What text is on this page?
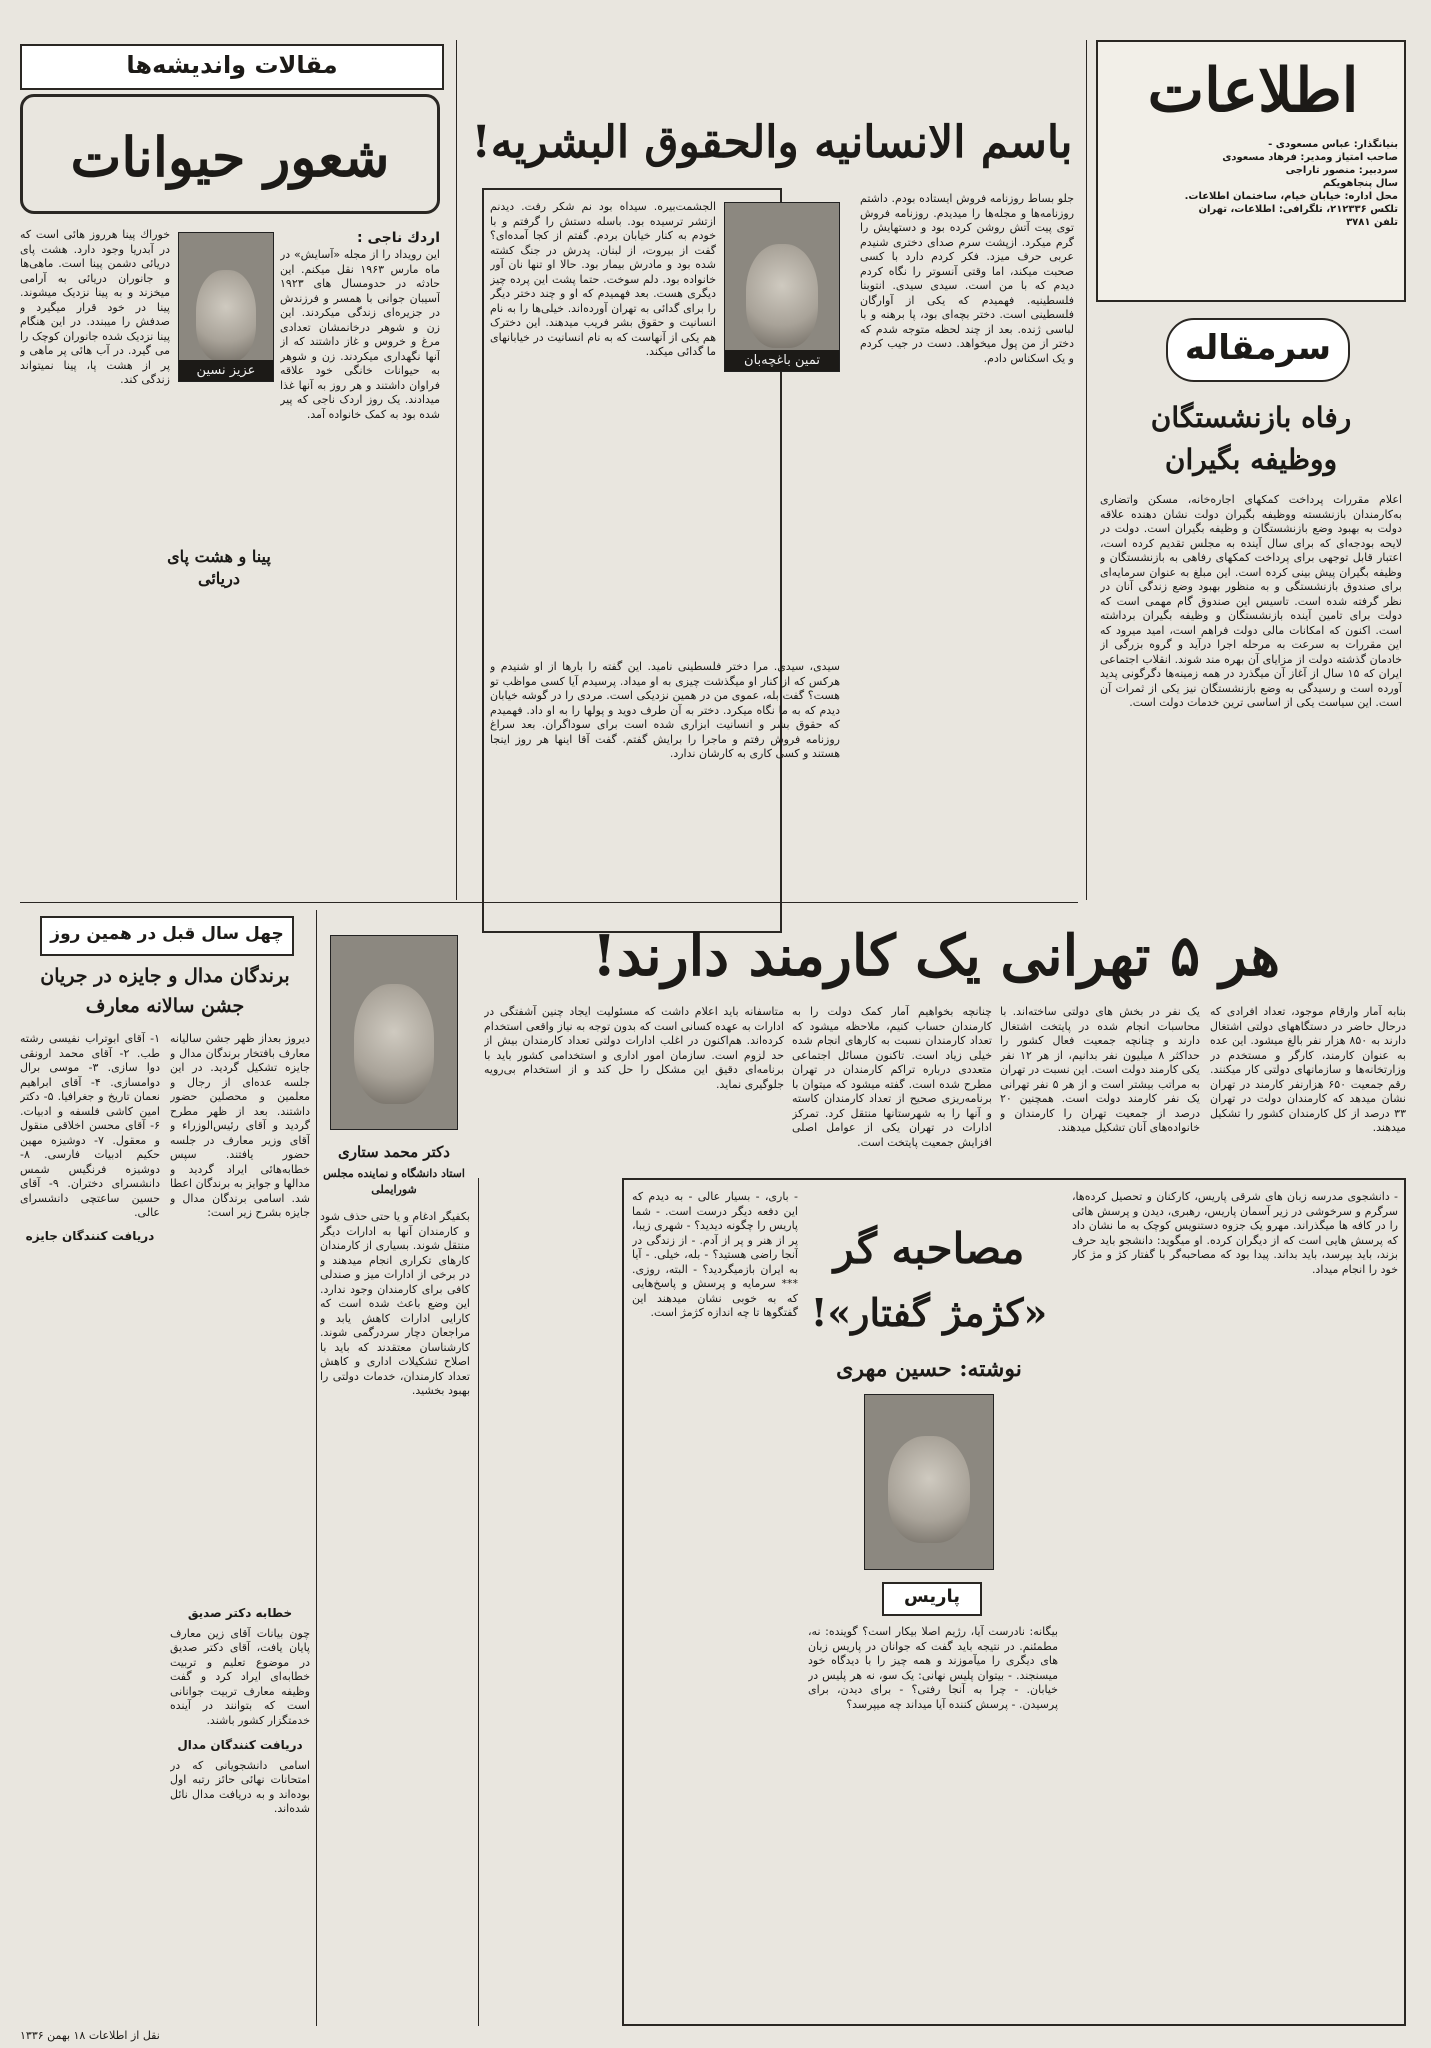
اطلاعات
بنیانگذار: عباس مسعودی -
صاحب امتیاز ومدیر: فرهاد مسعودی
سردبیر: منصور تاراجی
سال پنجاهویکم
محل اداره: خیابان خیام، ساختمان اطلاعات.
تلکس ۲۱۲۳۳۶، تلگرافی: اطلاعات، تهران
تلفن ۳۷۸۱
سرمقاله
رفاه بازنشستگان
ووظیفه بگیران
اعلام مقررات پرداخت کمکهای اجاره‌خانه، مسکن واتضاری به‌کارمندان بازنشسته ووظیفه بگیران دولت نشان دهنده ‌علاقه دولت به بهبود وضع بازنشستگان و وظیفه بگیران است. دولت در لایحه بودجه‌ای که‌ برای سال آینده ‌به ‌مجلس تقدیم کرده‌ است، اعتبار قابل توجهی برای پرداخت کمکهای رفاهی به بازنشستگان و وظیفه بگیران پیش بینی کرده است. این مبلغ به عنوان سرمایه‌ای برای صندوق بازنشستگی و به ‌منظور بهبود وضع زندگی آنان در نظر گرفته شده ‌است. تاسیس این صندوق گام مهمی است که ‌دولت برای تامین آینده‌ بازنشستگان و وظیفه بگیران برداشته است. اکنون که امکانات مالی ‌دولت ‌فراهم ‌است، امید میرود که این مقررات به سرعت به ‌مرحله‌ اجرا درآید و گروه بزرگی از خادمان گذشته دولت ‌از مزایای آن بهره مند شوند. انقلاب اجتماعی ایران که ‌۱۵ سال ‌از آغاز آن میگذرد ‌در همه زمینه‌ها دگرگونی پدید آورده ‌است و رسیدگی ‌به ‌وضع بازنشستگان نیز ‌یکی ‌از ثمرات ‌آن ‌است. این سیاست یکی از اساسی ترین خدمات دولت است.
مقالات واندیشه‌ها
شعور حیوانات
اردك ناجی :
این رویداد را از مجله «آسایش» در ماه مارس ۱۹۶۳ نقل میکنم. این حادثه در حدومسال های ۱۹۲۳ آسیبان جوانی با همسر و فرزندش در جزیره‌ای زندگی میکردند. این زن و شوهر درخانمشان تعدادی مرغ و خروس و غاز داشتند که از آنها نگهداری میکردند. زن و شوهر به حیوانات خانگی خود علاقه فراوان داشتند و هر روز به آنها غذا میدادند. یک روز اردک ناجی که پیر شده بود به کمک خانواده آمد.
عزیز نسین
پینا و هشت پای دریائی
خوراك پینا هرروز هائی است که در آبدریا وجود دارد. هشت پای دریائی دشمن پینا است. ماهی‌ها و جانوران دریائی به آرامی میخزند و به پینا نزدیک میشوند. پینا در خود قرار میگیرد و صدفش را میبندد. در این هنگام پینا نزدیک شده جانوران کوچک را می گیرد. در آب هائی پر ماهی ‌و پر از هشت پا، پینا نمیتواند زندگی کند.
باسم الانسانیه والحقوق البشریه!
تمین باغچه‌بان
جلو بساط روزنامه فروش ایستاده بودم. داشتم روزنامه‌ها و مجله‌ها را میدیدم. روزنامه فروش توی پیت آتش روشن کرده بود و دستهایش را گرم میکرد. ازپشت سرم صدای دختری شنیدم عربی حرف میزد. فکر کردم دارد با کسی صحبت میکند، اما وقتی آنسوتر را نگاه کردم دیدم که با من است. سیدی سیدی. انتوبنا فلسطینیه. فهمیدم که یکی از آوارگان فلسطینی است. دختر بچه‌ای بود، پا برهنه و با لباسی ژنده. بعد از چند لحظه متوجه شدم که دختر از من پول میخواهد. دست در جیب کردم و یک اسکناس دادم.
الجشمت‌بیره. سیداه بود نم شکر رفت. دیدنم ازتشر ترسیده بود. باسله دستش را گرفتم و با خودم به کنار خیابان بردم. گفتم از کجا آمده‌ای؟ گفت از بیروت، از لبنان. پدرش در جنگ کشته شده بود و مادرش بیمار بود. حالا او تنها نان آور خانواده بود. دلم سوخت. حتما پشت این پرده چیز دیگری هست. بعد فهمیدم که او و چند دختر دیگر را برای گدائی به تهران آورده‌اند. خیلی‌ها را به نام انسانیت و حقوق بشر فریب میدهند. این دخترک هم یکی از آنهاست که به نام انسانیت در خیابانهای ما گدائی میکند.
سیدی، سیدی. مرا دختر فلسطینی نامید. این گفته را بارها از او شنیدم و هرکس که از کنار او میگذشت چیزی به او میداد. پرسیدم آیا کسی مواظب تو هست؟ گفت بله، عموی من در همین نزدیکی است. مردی را در گوشه خیابان دیدم که به ما نگاه میکرد. دختر به آن طرف دوید و پولها را به او داد. فهمیدم که حقوق بشر و انسانیت ابزاری شده است برای سوداگران. بعد سراغ روزنامه فروش رفتم و ماجرا را برایش گفتم. گفت آقا اینها هر روز اینجا هستند و کسی کاری به کارشان ندارد.
هر ۵ تهرانی یک کارمند دارند!
بنابه آمار وارقام موجود، تعداد افرادی که درحال حاضر در دستگاههای دولتی اشتغال دارند به ۸۵۰ هزار نفر بالغ میشود. این عده به عنوان کارمند، کارگر و مستخدم در وزارتخانه‌ها و سازمانهای دولتی کار میکنند. رقم جمعیت ۶۵۰ هزارنفر کارمند در تهران نشان میدهد که کارمندان دولت در تهران ۳۳ درصد از کل کارمندان کشور را تشکیل میدهند.
یک نفر در بخش های دولتی ساخته‌اند. با محاسبات انجام شده در پایتخت اشتغال دارند و چنانچه جمعیت فعال کشور را حداکثر ۸ میلیون نفر بدانیم، از هر ۱۲ نفر یکی کارمند دولت است. این نسبت در تهران به مراتب بیشتر است و از هر ۵ نفر تهرانی یک نفر کارمند دولت است. همچنین ۲۰ درصد از جمعیت تهران را کارمندان و خانواده‌های آنان تشکیل میدهند.
چنانچه بخواهیم آمار کمک دولت را به کارمندان حساب کنیم، ملاحظه میشود که تعداد کارمندان نسبت به کارهای انجام شده خیلی زیاد است. تاکنون مسائل اجتماعی متعددی درباره تراکم کارمندان در تهران مطرح شده است. گفته میشود که میتوان با برنامه‌ریزی صحیح از تعداد کارمندان کاسته و آنها را به شهرستانها منتقل کرد. تمرکز ادارات در تهران یکی از عوامل اصلی افزایش جمعیت پایتخت است.
دکتر محمد ستاری
استاد دانشگاه و نماینده مجلس شورایملی
بکفیگر ادغام و یا حتی حذف شود و کارمندان آنها به ادارات دیگر منتقل شوند. بسیاری از کارمندان کارهای تکراری انجام میدهند و در برخی از ادارات میز و صندلی کافی برای کارمندان وجود ندارد. این وضع باعث شده است که کارایی ادارات کاهش یابد و مراجعان دچار سردرگمی شوند. کارشناسان معتقدند که باید با اصلاح تشکیلات اداری و کاهش تعداد کارمندان، خدمات دولتی را بهبود بخشید.
متاسفانه باید اعلام داشت که مسئولیت ایجاد چنین آشفتگی در ادارات به عهده کسانی است که بدون توجه به نیاز واقعی استخدام کرده‌اند. هم‌اکنون در اغلب ادارات دولتی تعداد کارمندان بیش از حد لزوم است. سازمان امور اداری و استخدامی کشور باید با برنامه‌ای دقیق این مشکل را حل کند و از استخدام بی‌رویه جلوگیری نماید.
چهل سال قبل در همین روز
برندگان مدال و جایزه در جریان
جشن سالانه معارف
دیروز بعداز ظهر جشن سالیانه معارف بافتخار برندگان مدال و جایزه تشکیل گردید. در این جلسه عده‌ای از رجال و معلمین و محصلین حضور داشتند. بعد از ظهر مطرح گردید و آقای رئیس‌الوزراء و آقای وزیر معارف در جلسه حضور یافتند. سپس خطابه‌هائی ایراد گردید و مدالها و جوایز به برندگان اعطا شد. اسامی برندگان مدال و جایزه بشرح زیر است:
۱- آقای ابوتراب نفیسی رشته طب. ۲- آقای محمد ارونقی دوا سازی. ۳- موسی برال دوامسازی. ۴- آقای ابراهیم نعمان تاریخ و جغرافیا. ۵- دکتر امین کاشی فلسفه و ادبیات. ۶- آقای محسن اخلاقی منقول و معقول. ۷- دوشیزه مهین حکیم ادبیات فارسی. ۸- دوشیزه فرنگیس شمس دانشسرای دختران. ۹- آقای حسین ساعتچی دانشسرای عالی.
دریافت کنندگان جایزه
خطابه دکتر صدیق
چون بیانات آقای زین معارف پایان یافت، آقای دکتر صدیق در موضوع تعلیم و تربیت خطابه‌ای ایراد کرد و گفت وظیفه معارف تربیت جوانانی است که بتوانند در آینده خدمتگزار کشور باشند.
دریافت کنندگان مدال
اسامی دانشجویانی که در امتحانات نهائی حائز رتبه اول بوده‌اند و به دریافت مدال نائل شده‌اند.
مصاحبه گر
«کژمژ گفتار»!
نوشته: حسین مهری
پاریس
- دانشجوی مدرسه زبان های شرقی پاریس، کارکنان و تحصیل کرده‌ها، سرگرم و سرخوشی در زیر آسمان پاریس، رهبری، دیدن و پرسش هائی ‌را در کافه ‌ها میگذراند. مهرو یک جزوه دستنویس کوچک به ما نشان داد که پرسش هایی است که از دیگران کرده. او میگوید: دانشجو باید حرف بزند، باید بپرسد، باید بداند. پیدا بود که مصاحبه‌گر با گفتار کژ و مژ کار خود را انجام میداد.
بیگانه: نادرست آیا، رژیم اصلا بیکار است؟ گوینده: نه، مطمئنم. در نتیجه باید گفت که جوانان در پاریس زبان های دیگری را میآموزند و همه چیز را با دیدگاه خود میسنجند. - بیتوان پلیس نهانی: یک سو، نه هر پلیس در خیابان. - چرا به آنجا رفتی؟ - برای دیدن، برای پرسیدن. - پرسش کننده آیا میداند چه میپرسد؟
- باری، - بسیار عالی - به دیدم که این دفعه دیگر درست است. - شما پاریس را چگونه دیدید؟ - شهری زیبا، پر از هنر و پر از آدم. - از زندگی در آنجا راضی هستید؟ - بله، خیلی. - آیا به ایران بازمیگردید؟ - البته، روزی. *** سرمایه و پرسش و پاسخ‌هایی که به خوبی نشان میدهند این گفتگوها تا چه اندازه کژمژ است.
نقل از اطلاعات ۱۸ بهمن ۱۳۳۶
